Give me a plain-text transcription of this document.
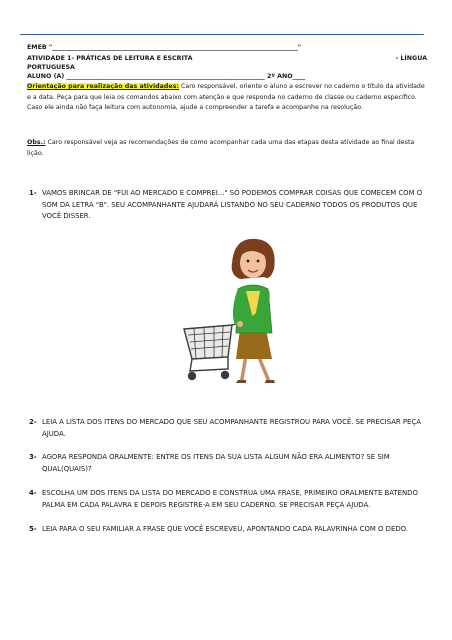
EMEB "______________________________________________________________________________"
ATIVIDADE 1- PRÁTICAS DE LEITURA E ESCRITA	- LÍNGUA
PORTUGUESA
ALUNO (A) _______________________________________________________________ 2º ANO____
Orientação para realização das atividades: Caro responsável, oriente o aluno a escrever no caderno o título da atividade e a data. Peça para que leia os comandos abaixo com atenção e que responda no caderno de classe ou caderno específico. Caso ele ainda não faça leitura com autonomia, ajude a compreender a tarefa e acompanhe na resolução.
Obs.: Caro responsável veja as recomendações de como acompanhar cada uma das etapas desta atividade ao final desta lição.
1- VAMOS BRINCAR DE "FUI AO MERCADO E COMPREI..." SÓ PODEMOS COMPRAR COISAS QUE COMECEM COM O SOM DA LETRA "B". SEU ACOMPANHANTE AJUDARÁ LISTANDO NO SEU CADERNO TODOS OS PRODUTOS QUE VOCÊ DISSER.
2- LEIA A LISTA DOS ITENS DO MERCADO QUE SEU ACOMPANHANTE REGISTROU PARA VOCÊ. SE PRECISAR PEÇA AJUDA.
3- AGORA RESPONDA ORALMENTE: ENTRE OS ITENS DA SUA LISTA ALGUM NÃO ERA ALIMENTO? SE SIM QUAL(QUAIS)?
4- ESCOLHA UM DOS ITENS DA LISTA DO MERCADO E CONSTRUA UMA FRASE, PRIMEIRO ORALMENTE BATENDO PALMA EM CADA PALAVRA E DEPOIS REGISTRE-A EM SEU CADERNO. SE PRECISAR PEÇA AJUDA.
5- LEIA PARA O SEU FAMILIAR A FRASE QUE VOCÊ ESCREVEU, APONTANDO CADA PALAVRINHA COM O DEDO.
